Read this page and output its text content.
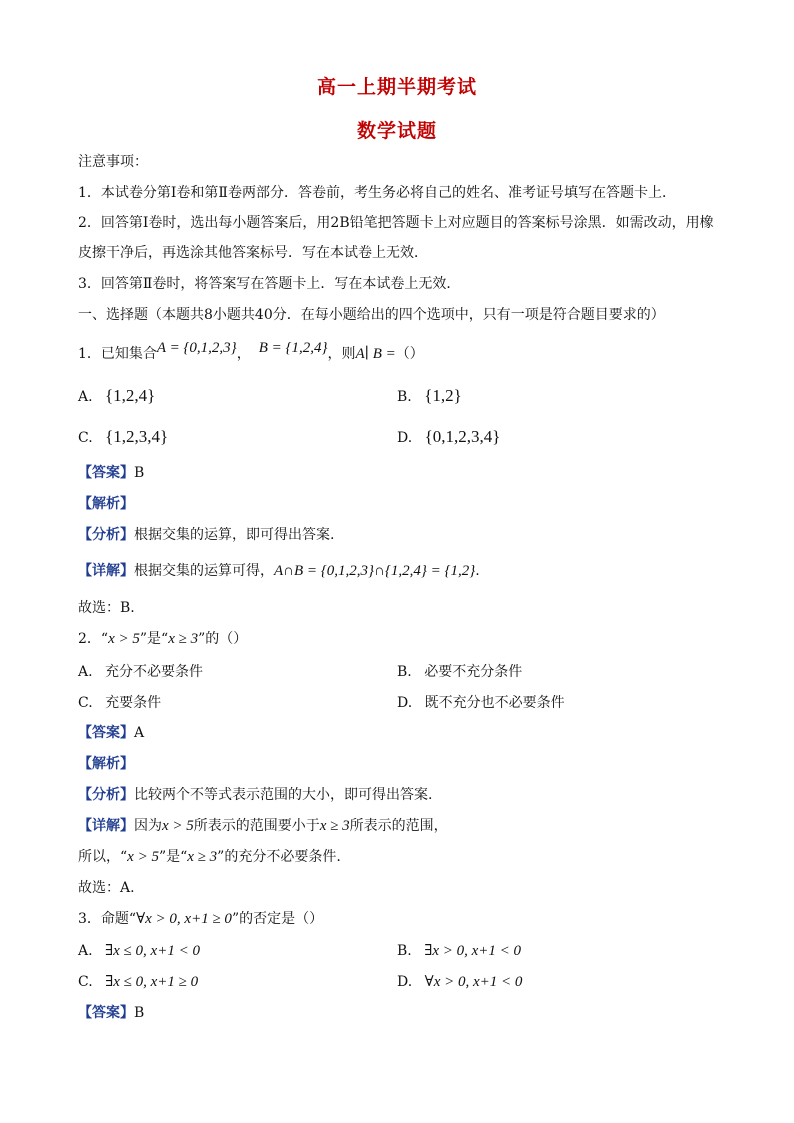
高一上期半期考试
数学试题
注意事项：
1．本试卷分第Ⅰ卷和第Ⅱ卷两部分．答卷前，考生务必将自己的姓名、准考证号填写在答题卡上．
2．回答第Ⅰ卷时，选出每小题答案后，用2B铅笔把答题卡上对应题目的答案标号涂黑．如需改动，用橡
皮擦干净后，再选涂其他答案标号．写在本试卷上无效．
3．回答第Ⅱ卷时，将答案写在答题卡上．写在本试卷上无效．
一、选择题（本题共8小题共40分．在每小题给出的四个选项中，只有一项是符合题目要求的）
1．已知集合A = {0,1,2,3}， B = {1,2,4}，则A∣ B =（）
A. {1,2,4}	B. {1,2}
C. {1,2,3,4}	D. {0,1,2,3,4}
【答案】B
【解析】
【分析】根据交集的运算，即可得出答案.
【详解】根据交集的运算可得，A∩B = {0,1,2,3}∩{1,2,4} = {1,2}.
故选：B.
2．“x > 5”是“x ≥ 3”的（）
A. 充分不必要条件	B. 必要不充分条件
C. 充要条件	D. 既不充分也不必要条件
【答案】A
【解析】
【分析】比较两个不等式表示范围的大小，即可得出答案.
【详解】因为x > 5所表示的范围要小于x ≥ 3所表示的范围，
所以，“x > 5”是“x ≥ 3”的充分不必要条件.
故选：A.
3．命题“∀x > 0, x+1 ≥ 0”的否定是（）
A. ∃x ≤ 0, x+1 < 0	B. ∃x > 0, x+1 < 0
C. ∃x ≤ 0, x+1 ≥ 0	D. ∀x > 0, x+1 < 0
【答案】B
